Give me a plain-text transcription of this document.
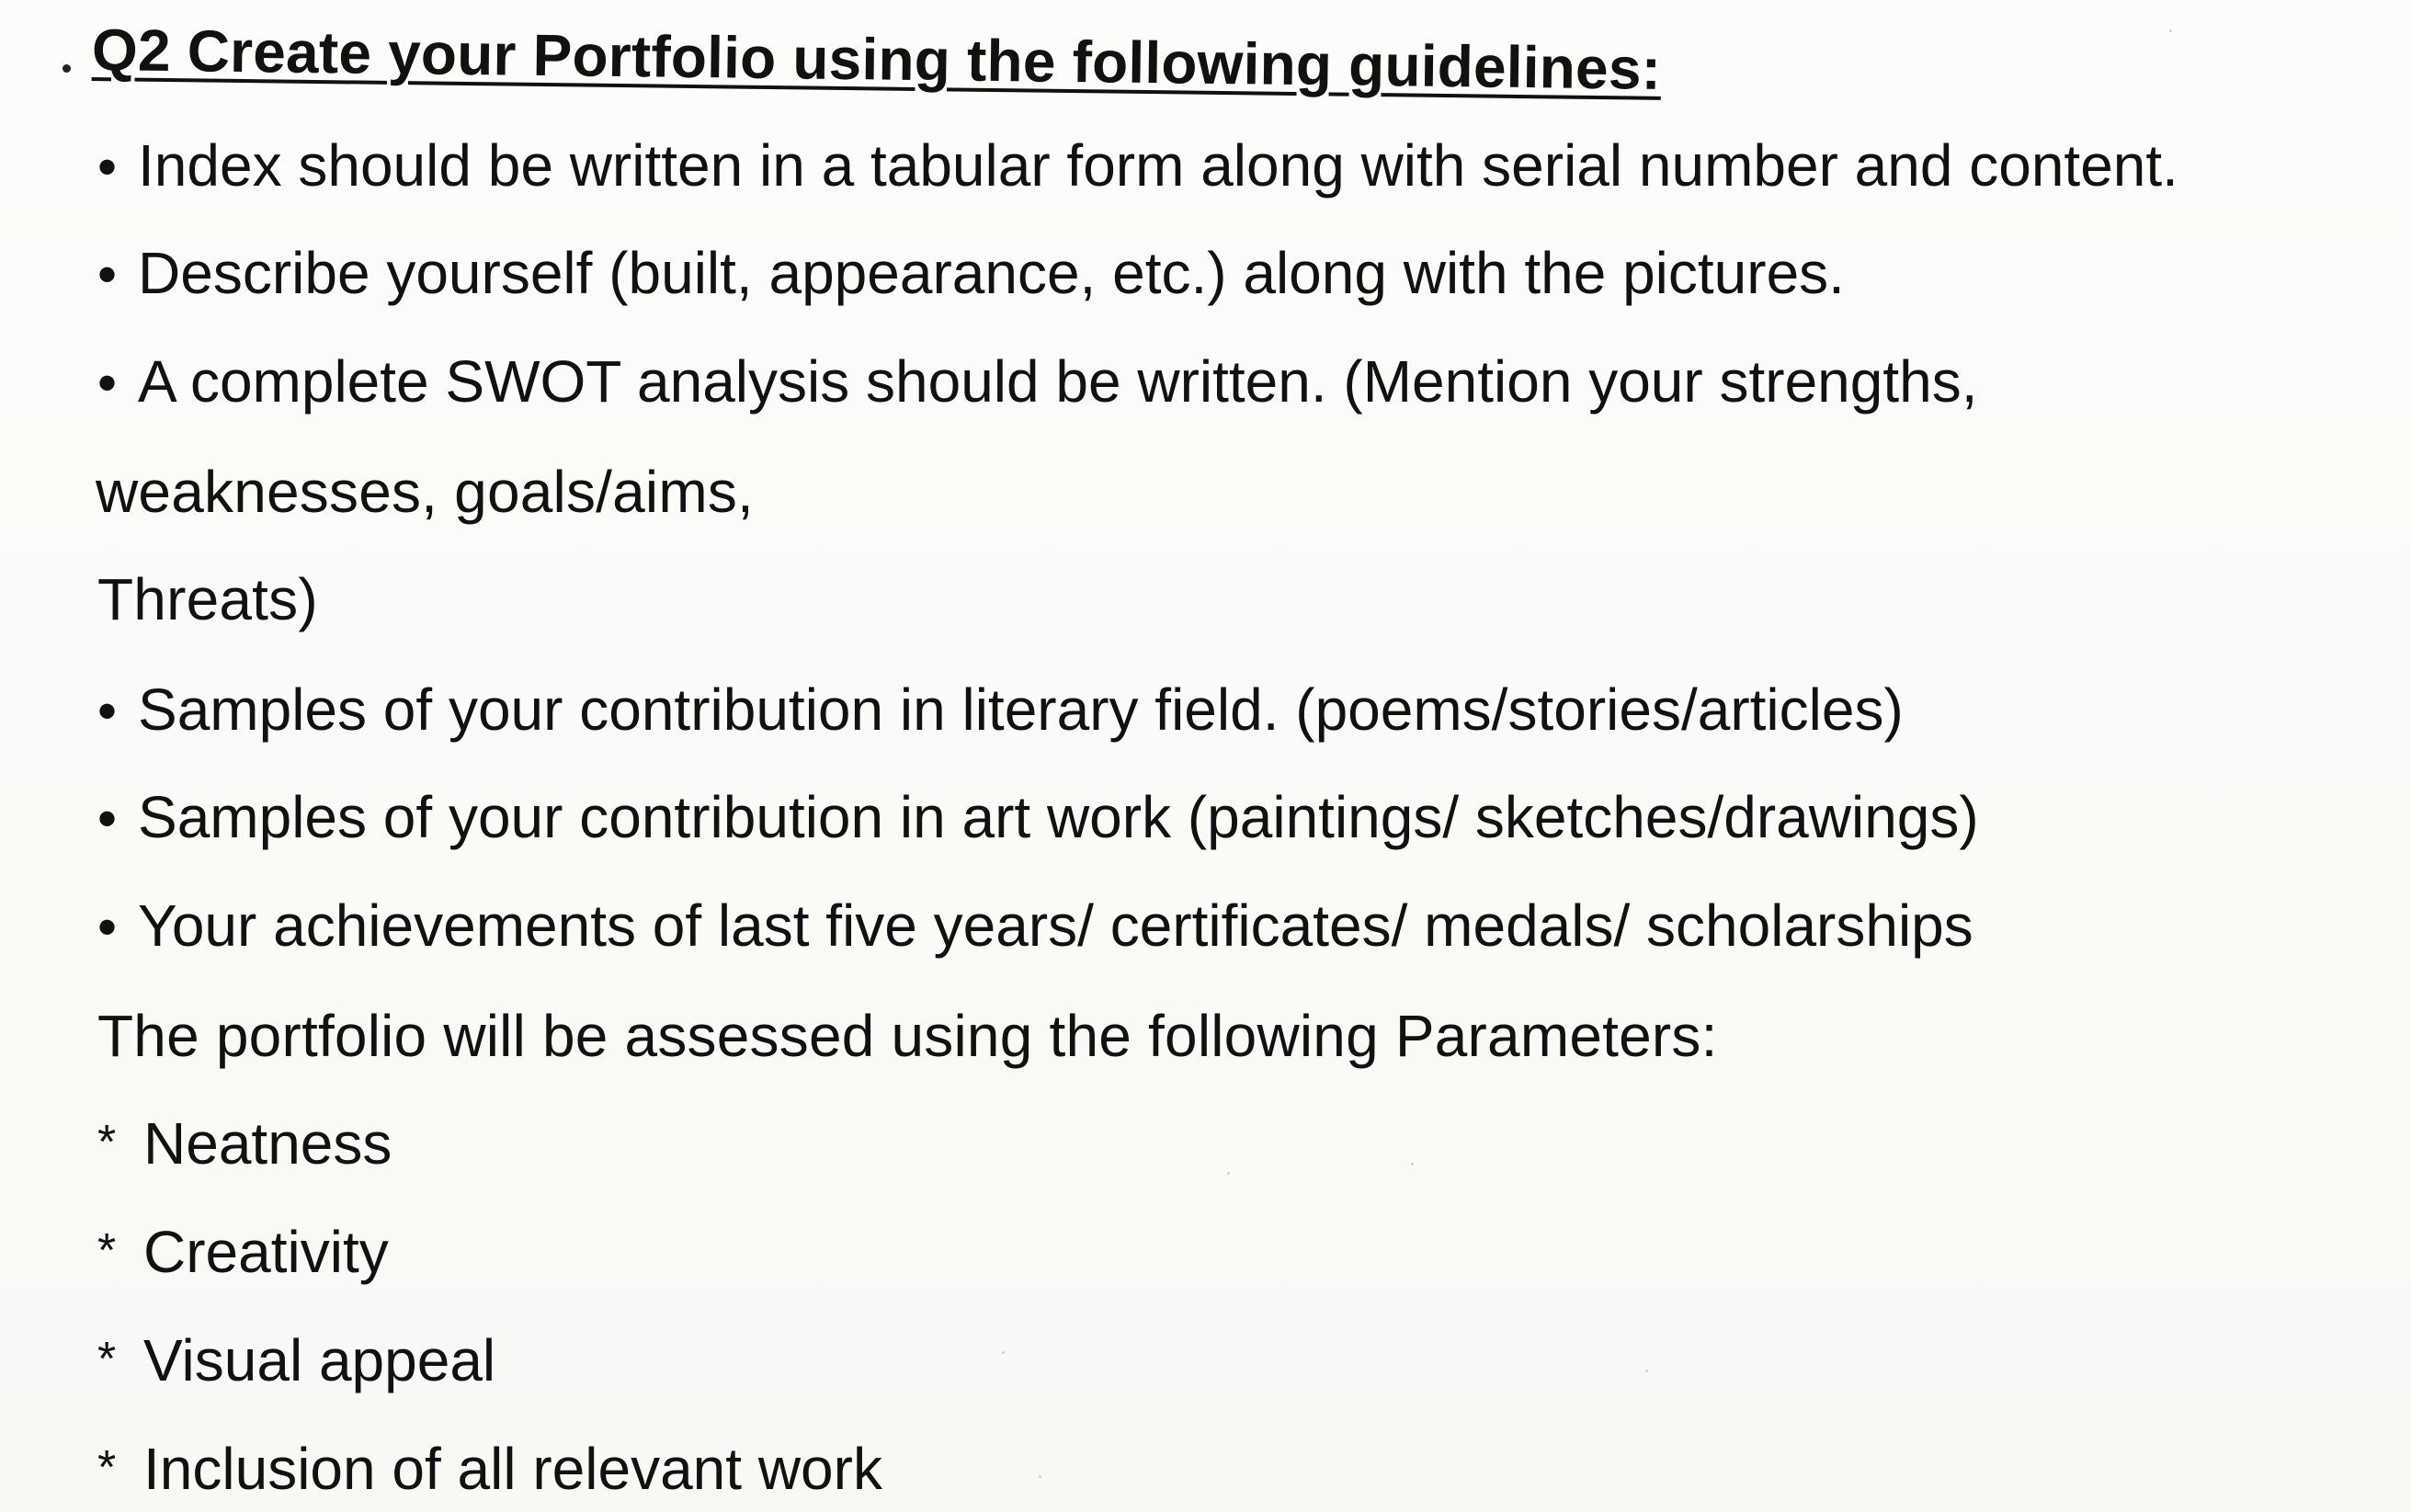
Q2 Create your Portfolio using the following guidelines:
• Index should be written in a tabular form along with serial number and content.
• Describe yourself (built, appearance, etc.) along with the pictures.
• A complete SWOT analysis should be written. (Mention your strengths,
weaknesses, goals/aims,
Threats)
• Samples of your contribution in literary field. (poems/stories/articles)
• Samples of your contribution in art work (paintings/ sketches/drawings)
• Your achievements of last five years/ certificates/ medals/ scholarships
The portfolio will be assessed using the following Parameters:
* Neatness
* Creativity
* Visual appeal
* Inclusion of all relevant work
